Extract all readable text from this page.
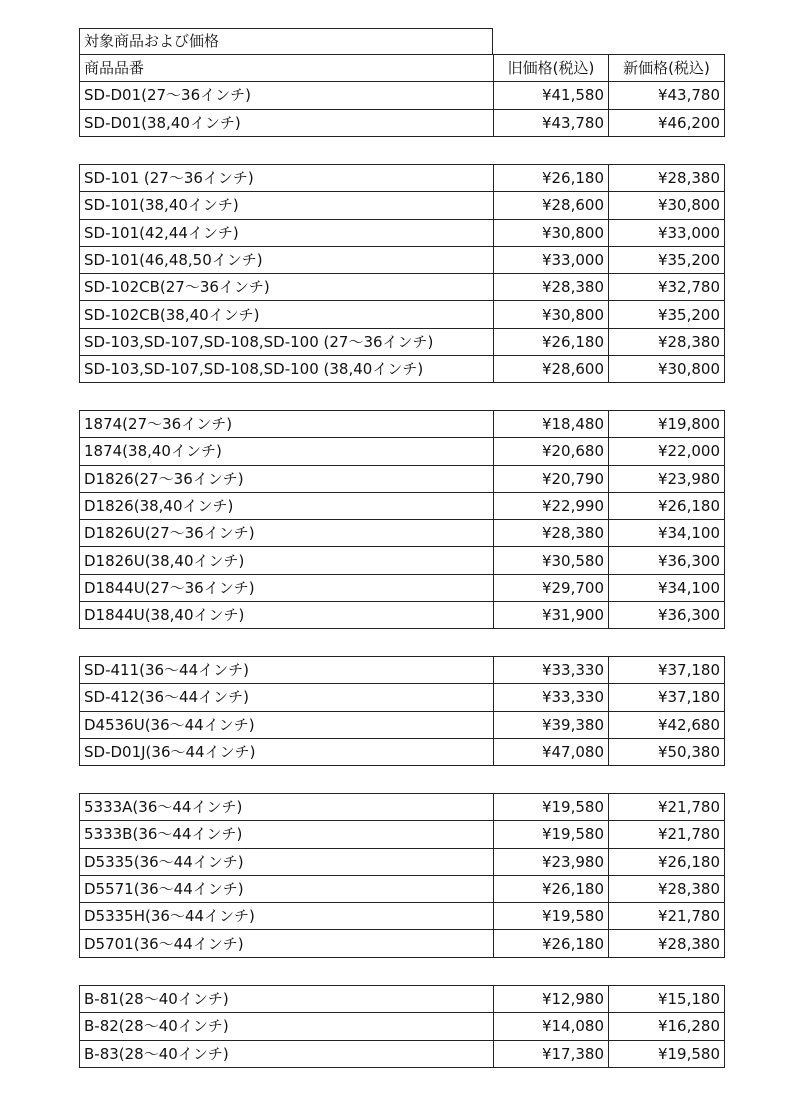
対象商品および価格
商品品番	旧価格(税込)	新価格(税込)
SD-D01(27〜36インチ)	¥41,580	¥43,780
SD-D01(38,40インチ)	¥43,780	¥46,200
SD-101 (27〜36インチ)	¥26,180	¥28,380
SD-101(38,40インチ)	¥28,600	¥30,800
SD-101(42,44インチ)	¥30,800	¥33,000
SD-101(46,48,50インチ)	¥33,000	¥35,200
SD-102CB(27〜36インチ)	¥28,380	¥32,780
SD-102CB(38,40インチ)	¥30,800	¥35,200
SD-103,SD-107,SD-108,SD-100 (27〜36インチ)	¥26,180	¥28,380
SD-103,SD-107,SD-108,SD-100 (38,40インチ)	¥28,600	¥30,800
1874(27〜36インチ)	¥18,480	¥19,800
1874(38,40インチ)	¥20,680	¥22,000
D1826(27〜36インチ)	¥20,790	¥23,980
D1826(38,40インチ)	¥22,990	¥26,180
D1826U(27〜36インチ)	¥28,380	¥34,100
D1826U(38,40インチ)	¥30,580	¥36,300
D1844U(27〜36インチ)	¥29,700	¥34,100
D1844U(38,40インチ)	¥31,900	¥36,300
SD-411(36〜44インチ)	¥33,330	¥37,180
SD-412(36〜44インチ)	¥33,330	¥37,180
D4536U(36〜44インチ)	¥39,380	¥42,680
SD-D01J(36〜44インチ)	¥47,080	¥50,380
5333A(36〜44インチ)	¥19,580	¥21,780
5333B(36〜44インチ)	¥19,580	¥21,780
D5335(36〜44インチ)	¥23,980	¥26,180
D5571(36〜44インチ)	¥26,180	¥28,380
D5335H(36〜44インチ)	¥19,580	¥21,780
D5701(36〜44インチ)	¥26,180	¥28,380
B-81(28〜40インチ)	¥12,980	¥15,180
B-82(28〜40インチ)	¥14,080	¥16,280
B-83(28〜40インチ)	¥17,380	¥19,580
